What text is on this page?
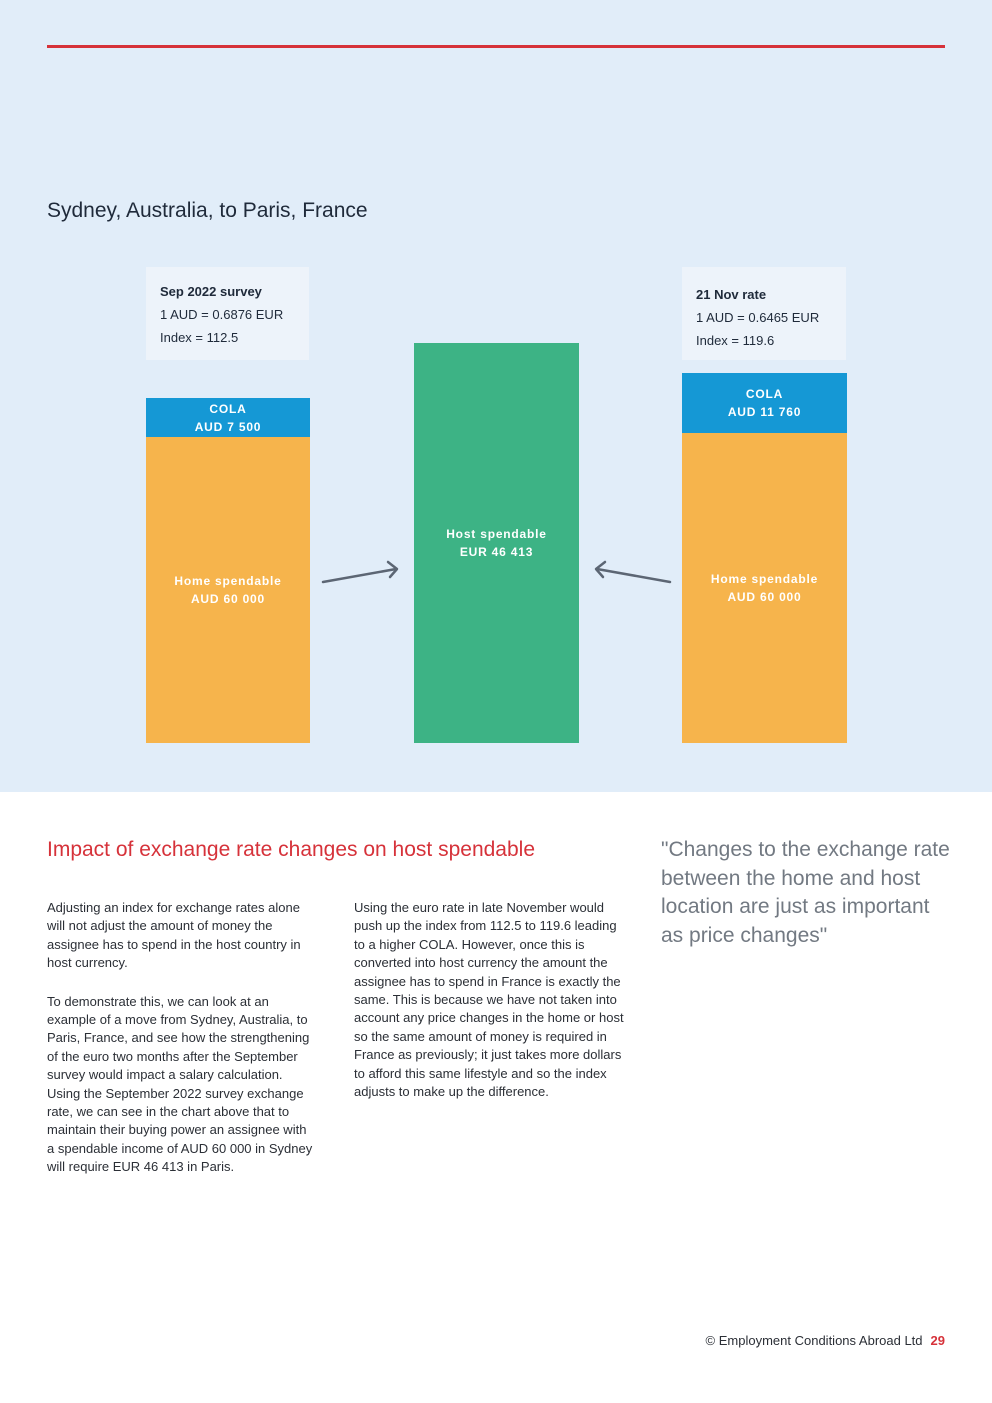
Sydney, Australia, to Paris, France
Sep 2022 survey
1 AUD = 0.6876 EUR
Index = 112.5
21 Nov rate
1 AUD = 0.6465 EUR
Index = 119.6
COLA
AUD 7 500
Home spendable
AUD 60 000
Host spendable
EUR 46 413
COLA
AUD 11 760
Home spendable
AUD 60 000
Impact of exchange rate changes on host spendable

Adjusting an index for exchange rates alone will not adjust the amount of money the assignee has to spend in the host country in host currency.

To demonstrate this, we can look at an example of a move from Sydney, Australia, to Paris, France, and see how the strengthening of the euro two months after the September survey would impact a salary calculation. Using the September 2022 survey exchange rate, we can see in the chart above that to maintain their buying power an assignee with a spendable income of AUD 60 000 in Sydney will require EUR 46 413 in Paris.

Using the euro rate in late November would push up the index from 112.5 to 119.6 leading to a higher COLA. However, once this is converted into host currency the amount the assignee has to spend in France is exactly the same. This is because we have not taken into account any price changes in the home or host so the same amount of money is required in France as previously; it just takes more dollars to afford this same lifestyle and so the index adjusts to make up the difference.

"Changes to the exchange rate between the home and host location are just as important as price changes"

© Employment Conditions Abroad Ltd 29
